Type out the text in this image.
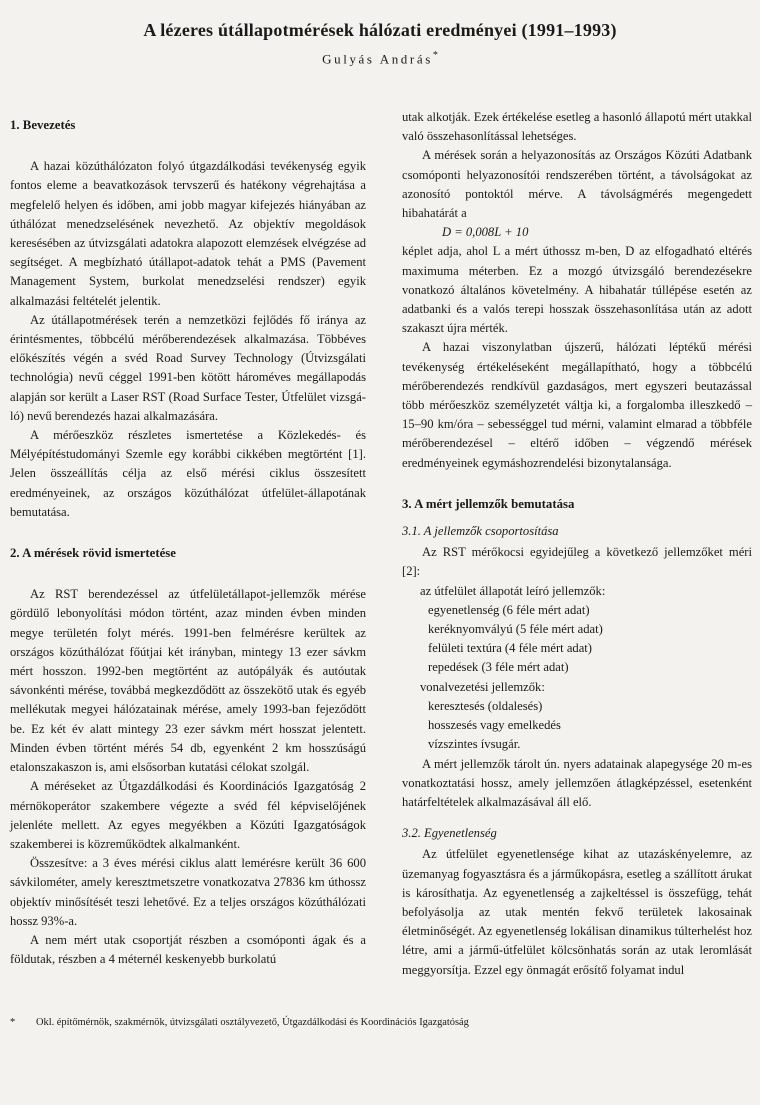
A lézeres útállapotmérések hálózati eredményei (1991–1993)
Gulyás András*
1. Bevezetés

A hazai közúthálózaton folyó útgazdálkodási tevékenység egyik fontos eleme a beavatkozások tervszerű és hatékony végrehajtása a megfelelő helyen és időben, ami jobb magyar kifejezés hiányában az úthálózat menedzselésének nevezhető. Az objektív megoldások keresésében az útvizsgálati adatokra alapozott elemzések elvégzése ad segítséget. A megbízható útállapot-adatok tehát a PMS (Pavement Management System, burkolat menedzselési rendszer) egyik alkalmazási feltételét jelentik.

Az útállapotmérések terén a nemzetközi fejlődés fő iránya az érintésmentes, többcélú mérőberendezések alkalmazása. Többéves előkészítés végén a svéd Road Survey Technology (Útvizsgálati technológia) nevű céggel 1991-ben kötött hároméves megállapodás alapján sor került a Laser RST (Road Surface Tester, Útfelület vizsgáló) nevű berendezés hazai alkalmazására.

A mérőeszköz részletes ismertetése a Közlekedés- és Mélyépítéstudományi Szemle egy korábbi cikkében megtörtént [1]. Jelen összeállítás célja az első mérési ciklus összesített eredményeinek, az országos közúthálózat útfelület-állapotának bemutatása.

2. A mérések rövid ismertetése

Az RST berendezéssel az útfelületállapot-jellemzők mérése gördülő lebonyolítási módon történt, azaz minden évben minden megye területén folyt mérés. 1991-ben felmérésre kerültek az országos közúthálózat főútjai két irányban, mintegy 13 ezer sávkm mért hosszon. 1992-ben megtörtént az autópályák és autóutak sávonkénti mérése, továbbá megkezdődött az összekötő utak és egyéb mellékutak megyei hálózatainak mérése, amely 1993-ban fejeződött be. Ez két év alatt mintegy 23 ezer sávkm mért hosszat jelentett. Minden évben történt mérés 54 db, egyenként 2 km hosszúságú etalonszakaszon is, ami elsősorban kutatási célokat szolgál.

A méréseket az Útgazdálkodási és Koordinációs Igazgatóság 2 mérnökoperátor szakembere végezte a svéd fél képviselőjének jelenléte mellett. Az egyes megyékben a Közúti Igazgatóságok szakemberei is közreműködtek alkalmanként.

Összesítve: a 3 éves mérési ciklus alatt lemérésre került 36 600 sávkilométer, amely keresztmetszetre vonatkozatva 27836 km úthossz objektív minősítését teszi lehetővé. Ez a teljes országos közúthálózati hossz 93%-a.

A nem mért utak csoportját részben a csomóponti ágak és a földutak, részben a 4 méternél keskenyebb burkolatú

utak alkotják. Ezek értékelése esetleg a hasonló állapotú mért utakkal való összehasonlítással lehetséges.

A mérések során a helyazonosítás az Országos Közúti Adatbank csomóponti helyazonosítói rendszerében történt, a távolságokat az azonosító pontoktól mérve. A távolságmérés megengedett hibahatárát a

D = 0,008L + 10

képlet adja, ahol L a mért úthossz m-ben, D az elfogadható eltérés maximuma méterben. Ez a mozgó útvizsgáló berendezésekre vonatkozó általános követelmény. A hibahatár túllépése esetén az adatbanki és a valós terepi hosszak összehasonlítása után az adott szakaszt újra mérték.

A hazai viszonylatban újszerű, hálózati léptékű mérési tevékenység értékeléseként megállapítható, hogy a többcélú mérőberendezés rendkívül gazdaságos, mert egyszeri beutazással több mérőeszköz személyzetét váltja ki, a forgalomba illeszkedő – 15–90 km/óra – sebességgel tud mérni, valamint elmarad a többféle mérőberendezésel – eltérő időben – végzendő mérések eredményeinek egymáshozrendelési bizonytalansága.

3. A mért jellemzők bemutatása
3.1. A jellemzők csoportosítása

Az RST mérőkocsi egyidejűleg a következő jellemzőket méri [2]:

az útfelület állapotát leíró jellemzők:
egyenetlenség (6 féle mért adat)
keréknyomvályú (5 féle mért adat)
felületi textúra (4 féle mért adat)
repedések (3 féle mért adat)
vonalvezetési jellemzők:
keresztesés (oldalesés)
hosszesés vagy emelkedés
vízszintes ívsugár.

A mért jellemzők tárolt ún. nyers adatainak alapegysége 20 m-es vonatkoztatási hossz, amely jellemzően átlagképzéssel, esetenként határfeltételek alkalmazásával áll elő.

3.2. Egyenetlenség

Az útfelület egyenetlensége kihat az utazáskényelemre, az üzemanyag fogyasztásra és a járműkopásra, esetleg a szállított árukat is károsíthatja. Az egyenetlenség a zajkeltéssel is összefügg, tehát befolyásolja az utak mentén fekvő területek lakosainak életminőségét. Az egyenetlenség lokálisan dinamikus túlterhelést hoz létre, ami a jármű-útfelület kölcsönhatás során az utak leromlását meggyorsítja. Ezzel egy önmagát erősítő folyamat indul

* Okl. építőmérnök, szakmérnök, útvizsgálati osztályvezető, Útgazdálkodási és Koordinációs Igazgatóság
